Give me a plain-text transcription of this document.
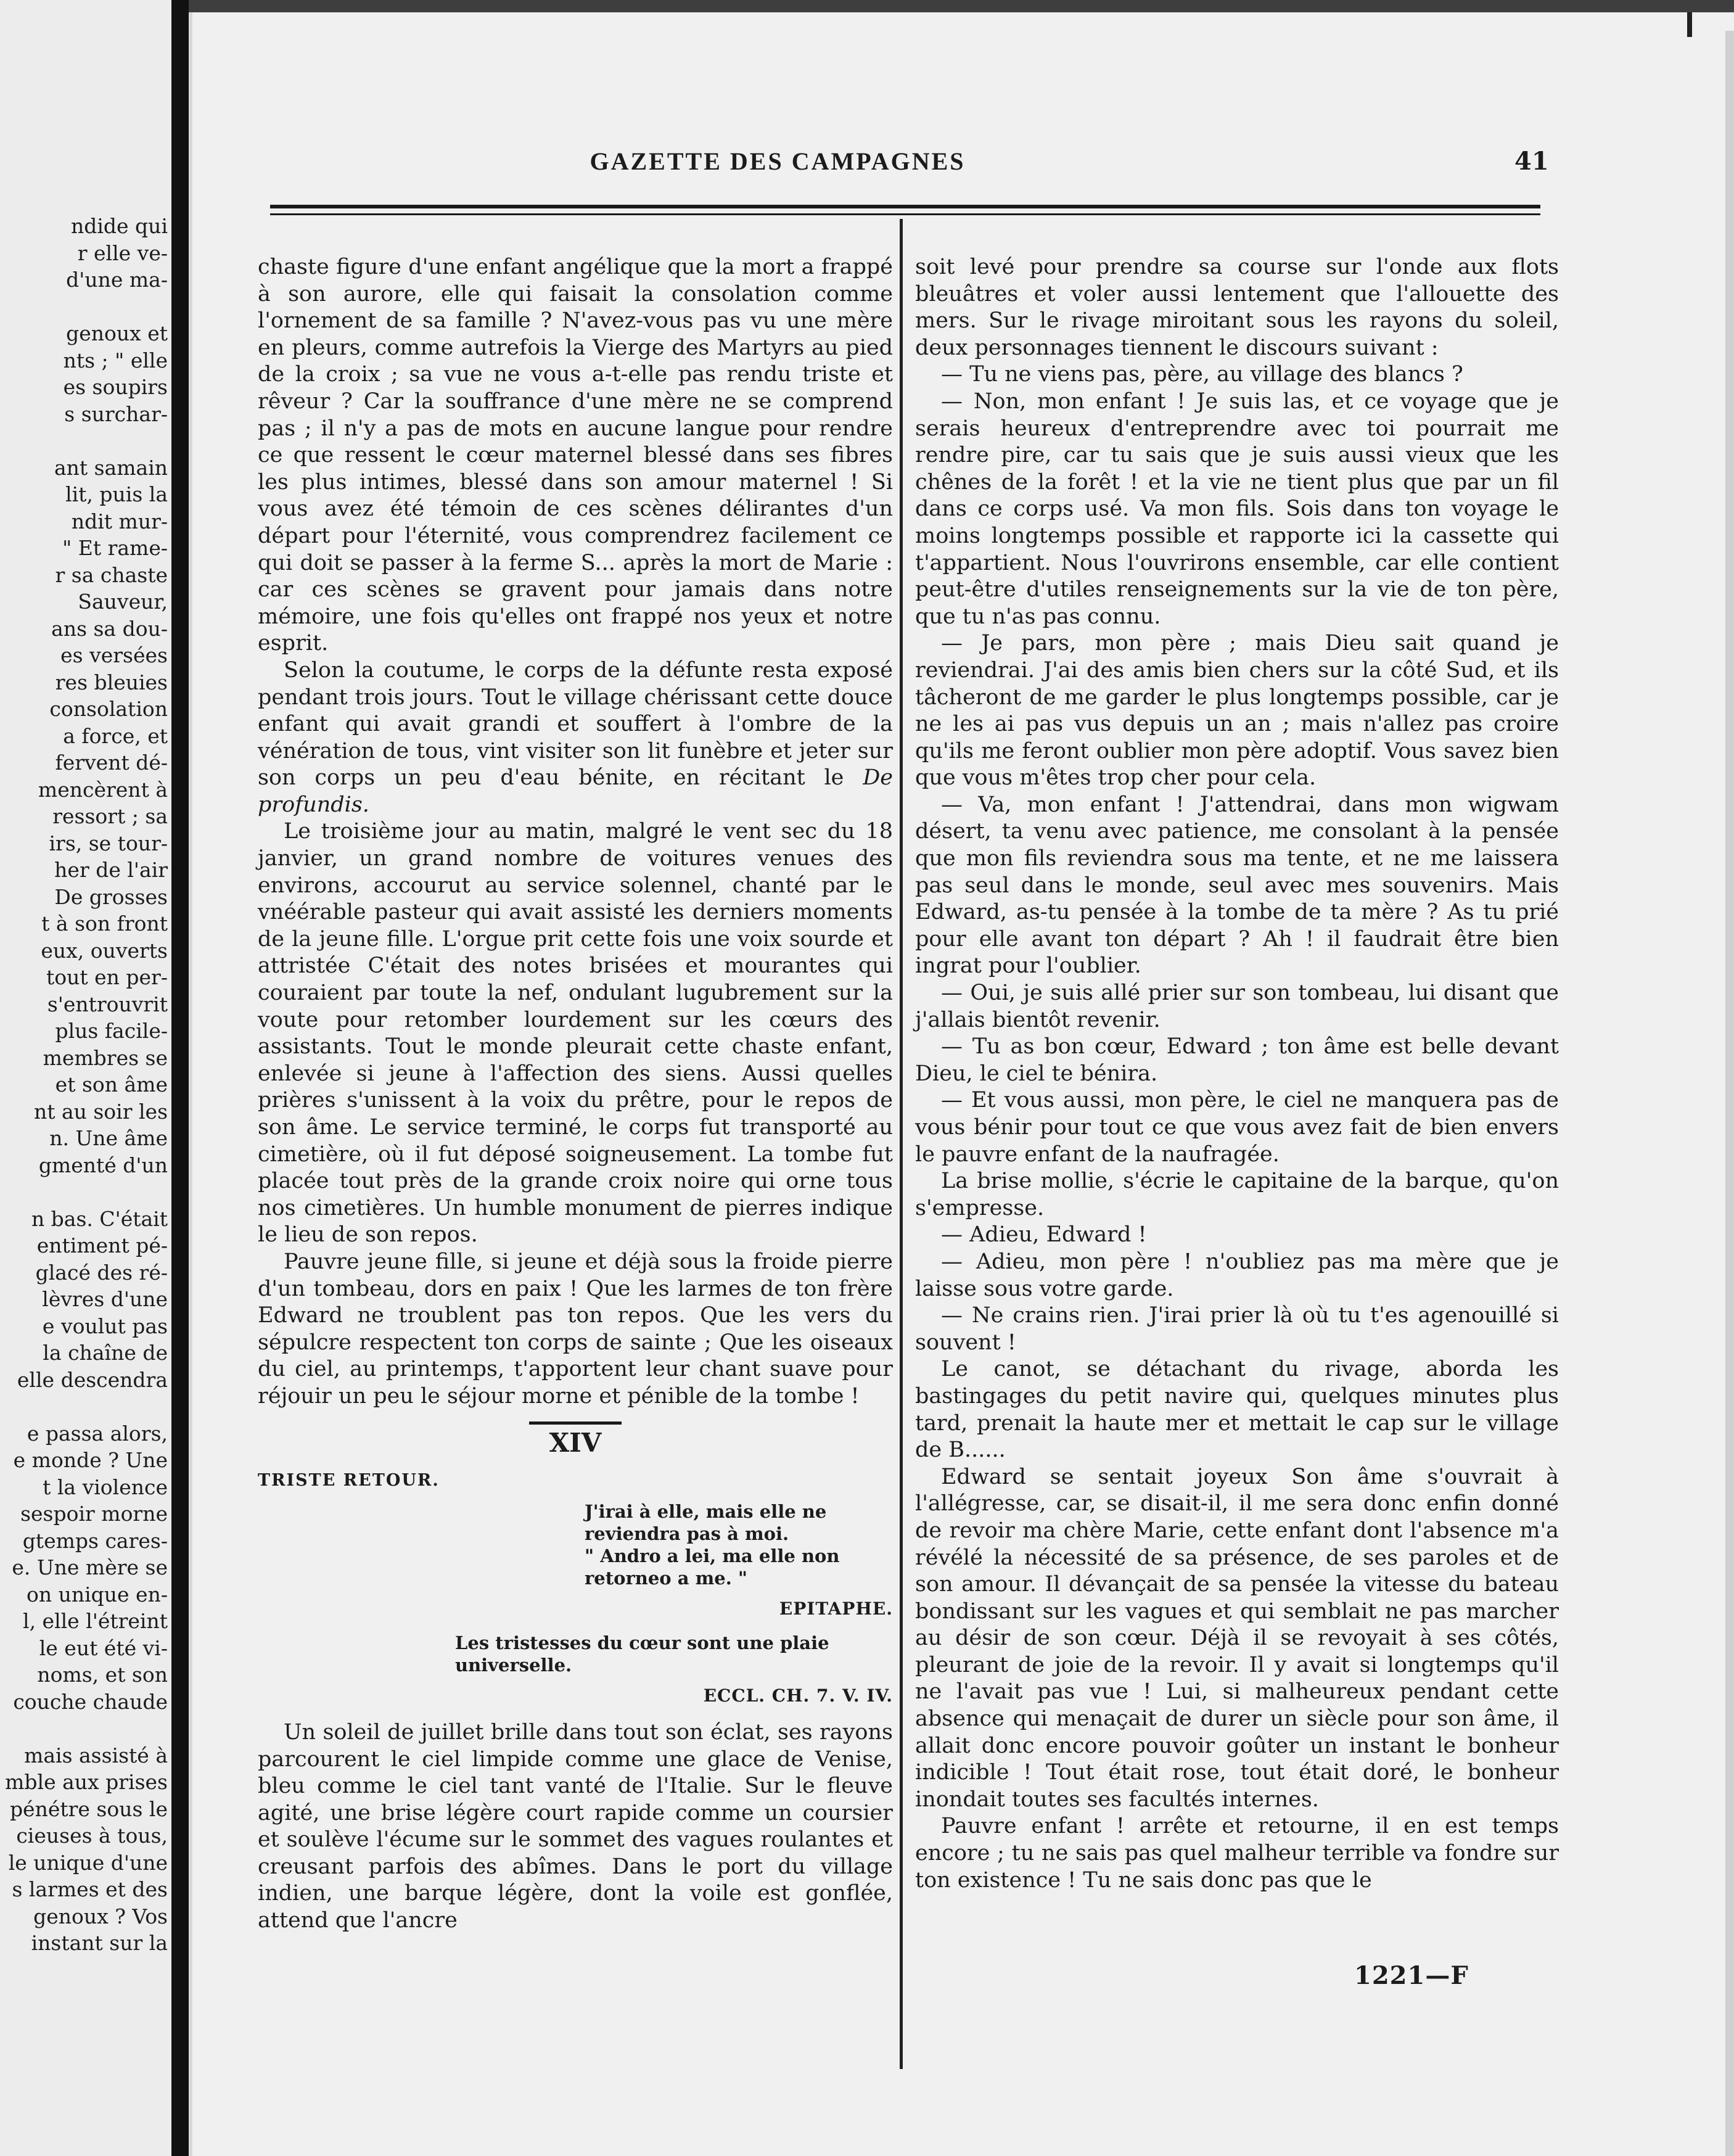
ndide qui
r elle ve-
d'une ma-
genoux et
nts ; " elle
es soupirs
s surchar-
ant samain
lit, puis la
ndit mur-
" Et rame-
r sa chaste
Sauveur,
ans sa dou-
es versées
res bleuies
consolation
a force, et
fervent dé-
mencèrent à
ressort ; sa
irs, se tour-
her de l'air
De grosses
t à son front
eux, ouverts
tout en per-
s'entrouvrit
plus facile-
membres se
et son âme
nt au soir les
n. Une âme
gmenté d'un
n bas. C'était
entiment pé-
glacé des ré-
lèvres d'une
e voulut pas
la chaîne de
elle descendra
e passa alors,
e monde ? Une
t la violence
sespoir morne
gtemps cares-
e. Une mère se
on unique en-
l, elle l'étreint
le eut été vi-
noms, et son
couche chaude
mais assisté à
mble aux prises
pénétre sous le
cieuses à tous,
le unique d'une
s larmes et des
genoux ? Vos
instant sur la
GAZETTE DES CAMPAGNES	41

chaste figure d'une enfant angélique que la mort a frappé à son aurore, elle qui faisait la consolation comme l'ornement de sa famille ? N'avez-vous pas vu une mère en pleurs, comme autrefois la Vierge des Martyrs au pied de la croix ; sa vue ne vous a-t-elle pas rendu triste et rêveur ? Car la souffrance d'une mère ne se comprend pas ; il n'y a pas de mots en aucune langue pour rendre ce que ressent le cœur maternel blessé dans ses fibres les plus intimes, blessé dans son amour maternel ! Si vous avez été témoin de ces scènes délirantes d'un départ pour l'éternité, vous comprendrez facilement ce qui doit se passer à la ferme S... après la mort de Marie : car ces scènes se gravent pour jamais dans notre mémoire, une fois qu'elles ont frappé nos yeux et notre esprit.

Selon la coutume, le corps de la défunte resta exposé pendant trois jours. Tout le village chérissant cette douce enfant qui avait grandi et souffert à l'ombre de la vénération de tous, vint visiter son lit funèbre et jeter sur son corps un peu d'eau bénite, en récitant le De profundis.

Le troisième jour au matin, malgré le vent sec du 18 janvier, un grand nombre de voitures venues des environs, accourut au service solennel, chanté par le vnéérable pasteur qui avait assisté les derniers moments de la jeune fille. L'orgue prit cette fois une voix sourde et attristée C'était des notes brisées et mourantes qui couraient par toute la nef, ondulant lugubrement sur la voute pour retomber lourdement sur les cœurs des assistants. Tout le monde pleurait cette chaste enfant, enlevée si jeune à l'affection des siens. Aussi quelles prières s'unissent à la voix du prêtre, pour le repos de son âme. Le service terminé, le corps fut transporté au cimetière, où il fut déposé soigneusement. La tombe fut placée tout près de la grande croix noire qui orne tous nos cimetières. Un humble monument de pierres indique le lieu de son repos.

Pauvre jeune fille, si jeune et déjà sous la froide pierre d'un tombeau, dors en paix ! Que les larmes de ton frère Edward ne troublent pas ton repos. Que les vers du sépulcre respectent ton corps de sainte ; Que les oiseaux du ciel, au printemps, t'apportent leur chant suave pour réjouir un peu le séjour morne et pénible de la tombe !

XIV
TRISTE RETOUR.
J'irai à elle, mais elle ne reviendra pas à moi.
" Andro a lei, ma elle non retorneo a me. "
EPITAPHE.
Les tristesses du cœur sont une plaie universelle.
ECCL. CH. 7. V. IV.

Un soleil de juillet brille dans tout son éclat, ses rayons parcourent le ciel limpide comme une glace de Venise, bleu comme le ciel tant vanté de l'Italie. Sur le fleuve agité, une brise légère court rapide comme un coursier et soulève l'écume sur le sommet des vagues roulantes et creusant parfois des abîmes. Dans le port du village indien, une barque légère, dont la voile est gonflée, attend que l'ancre

soit levé pour prendre sa course sur l'onde aux flots bleuâtres et voler aussi lentement que l'allouette des mers. Sur le rivage miroitant sous les rayons du soleil, deux personnages tiennent le discours suivant :

— Tu ne viens pas, père, au village des blancs ?

— Non, mon enfant ! Je suis las, et ce voyage que je serais heureux d'entreprendre avec toi pourrait me rendre pire, car tu sais que je suis aussi vieux que les chênes de la forêt ! et la vie ne tient plus que par un fil dans ce corps usé. Va mon fils. Sois dans ton voyage le moins longtemps possible et rapporte ici la cassette qui t'appartient. Nous l'ouvrirons ensemble, car elle contient peut-être d'utiles renseignements sur la vie de ton père, que tu n'as pas connu.

— Je pars, mon père ; mais Dieu sait quand je reviendrai. J'ai des amis bien chers sur la côté Sud, et ils tâcheront de me garder le plus longtemps possible, car je ne les ai pas vus depuis un an ; mais n'allez pas croire qu'ils me feront oublier mon père adoptif. Vous savez bien que vous m'êtes trop cher pour cela.

— Va, mon enfant ! J'attendrai, dans mon wigwam désert, ta venu avec patience, me consolant à la pensée que mon fils reviendra sous ma tente, et ne me laissera pas seul dans le monde, seul avec mes souvenirs. Mais Edward, as-tu pensée à la tombe de ta mère ? As tu prié pour elle avant ton départ ? Ah ! il faudrait être bien ingrat pour l'oublier.

— Oui, je suis allé prier sur son tombeau, lui disant que j'allais bientôt revenir.

— Tu as bon cœur, Edward ; ton âme est belle devant Dieu, le ciel te bénira.

— Et vous aussi, mon père, le ciel ne manquera pas de vous bénir pour tout ce que vous avez fait de bien envers le pauvre enfant de la naufragée.

La brise mollie, s'écrie le capitaine de la barque, qu'on s'empresse.

— Adieu, Edward !

— Adieu, mon père ! n'oubliez pas ma mère que je laisse sous votre garde.

— Ne crains rien. J'irai prier là où tu t'es agenouillé si souvent !

Le canot, se détachant du rivage, aborda les bastingages du petit navire qui, quelques minutes plus tard, prenait la haute mer et mettait le cap sur le village de B......

Edward se sentait joyeux Son âme s'ouvrait à l'allégresse, car, se disait-il, il me sera donc enfin donné de revoir ma chère Marie, cette enfant dont l'absence m'a révélé la nécessité de sa présence, de ses paroles et de son amour. Il dévançait de sa pensée la vitesse du bateau bondissant sur les vagues et qui semblait ne pas marcher au désir de son cœur. Déjà il se revoyait à ses côtés, pleurant de joie de la revoir. Il y avait si longtemps qu'il ne l'avait pas vue ! Lui, si malheureux pendant cette absence qui menaçait de durer un siècle pour son âme, il allait donc encore pouvoir goûter un instant le bonheur indicible ! Tout était rose, tout était doré, le bonheur inondait toutes ses facultés internes.

Pauvre enfant ! arrête et retourne, il en est temps encore ; tu ne sais pas quel malheur terrible va fondre sur ton existence ! Tu ne sais donc pas que le

1221—F
